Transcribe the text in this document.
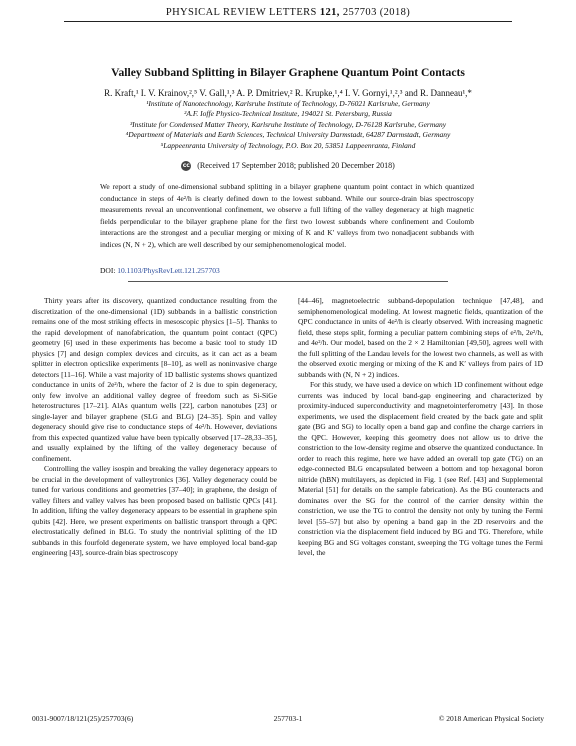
PHYSICAL REVIEW LETTERS 121, 257703 (2018)
Valley Subband Splitting in Bilayer Graphene Quantum Point Contacts
R. Kraft,¹ I. V. Krainov,²,⁵ V. Gall,¹,³ A. P. Dmitriev,² R. Krupke,¹,⁴ I. V. Gornyi,¹,²,³ and R. Danneau¹,*
¹Institute of Nanotechnology, Karlsruhe Institute of Technology, D-76021 Karlsruhe, Germany
²A.F. Ioffe Physico-Technical Institute, 194021 St. Petersburg, Russia
³Institute for Condensed Matter Theory, Karlsruhe Institute of Technology, D-76128 Karlsruhe, Germany
⁴Department of Materials and Earth Sciences, Technical University Darmstadt, 64287 Darmstadt, Germany
⁵Lappeenranta University of Technology, P.O. Box 20, 53851 Lappeenranta, Finland
cc (Received 17 September 2018; published 20 December 2018)
We report a study of one-dimensional subband splitting in a bilayer graphene quantum point contact in which quantized conductance in steps of 4e²/h is clearly defined down to the lowest subband. While our source-drain bias spectroscopy measurements reveal an unconventional confinement, we observe a full lifting of the valley degeneracy at high magnetic fields perpendicular to the bilayer graphene plane for the first two lowest subbands where confinement and Coulomb interactions are the strongest and a peculiar merging or mixing of K and K′ valleys from two nonadjacent subbands with indices (N, N + 2), which are well described by our semiphenomenological model.
DOI: 10.1103/PhysRevLett.121.257703

Thirty years after its discovery, quantized conductance resulting from the discretization of the one-dimensional (1D) subbands in a ballistic constriction remains one of the most striking effects in mesoscopic physics [1–5]. Thanks to the rapid development of nanofabrication, the quantum point contact (QPC) geometry [6] used in these experiments has become a basic tool to study 1D physics [7] and design complex devices and circuits, as it can act as a beam splitter in electron opticslike experiments [8–10], as well as noninvasive charge detectors [11–16]. While a vast majority of 1D ballistic systems shows quantized conductance in units of 2e²/h, where the factor of 2 is due to spin degeneracy, only few involve an additional valley degree of freedom such as Si-SiGe heterostructures [17–21]. AlAs quantum wells [22], carbon nanotubes [23] or single-layer and bilayer graphene (SLG and BLG) [24–35]. Spin and valley degeneracy should give rise to conductance steps of 4e²/h. However, deviations from this expected quantized value have been typically observed [17–28,33–35], and usually explained by the lifting of the valley degeneracy because of confinement.

Controlling the valley isospin and breaking the valley degeneracy appears to be crucial in the development of valleytronics [36]. Valley degeneracy could be tuned for various conditions and geometries [37–40]; in graphene, the design of valley filters and valley valves has been proposed based on ballistic QPCs [41]. In addition, lifting the valley degeneracy appears to be essential in graphene spin qubits [42]. Here, we present experiments on ballistic transport through a QPC electrostatically defined in BLG. To study the nontrivial splitting of the 1D subbands in this fourfold degenerate system, we have employed local band-gap engineering [43], source-drain bias spectroscopy

[44–46], magnetoelectric subband-depopulation technique [47,48], and semiphenomenological modeling. At lowest magnetic fields, quantization of the QPC conductance in units of 4e²/h is clearly observed. With increasing magnetic field, these steps split, forming a peculiar pattern combining steps of e²/h, 2e²/h, and 4e²/h. Our model, based on the 2 × 2 Hamiltonian [49,50], agrees well with the full splitting of the Landau levels for the lowest two channels, as well as with the observed exotic merging or mixing of the K and K′ valleys from pairs of 1D subbands with (N, N + 2) indices.

For this study, we have used a device on which 1D confinement without edge currents was induced by local band-gap engineering and characterized by proximity-induced superconductivity and magnetointerferometry [43]. In those experiments, we used the displacement field created by the back gate and split gate (BG and SG) to locally open a band gap and confine the charge carriers in the QPC. However, keeping this geometry does not allow us to drive the constriction to the low-density regime and observe the quantized conductance. In order to reach this regime, here we have added an overall top gate (TG) on an edge-connected BLG encapsulated between a bottom and top hexagonal boron nitride (hBN) multilayers, as depicted in Fig. 1 (see Ref. [43] and Supplemental Material [51] for details on the sample fabrication). As the BG counteracts and dominates over the SG for the control of the carrier density within the constriction, we use the TG to control the density not only by tuning the Fermi level [55–57] but also by opening a band gap in the 2D reservoirs and the constriction via the displacement field induced by BG and TG. Therefore, while keeping BG and SG voltages constant, sweeping the TG voltage tunes the Fermi level, the

0031-9007/18/121(25)/257703(6)	257703-1	© 2018 American Physical Society
